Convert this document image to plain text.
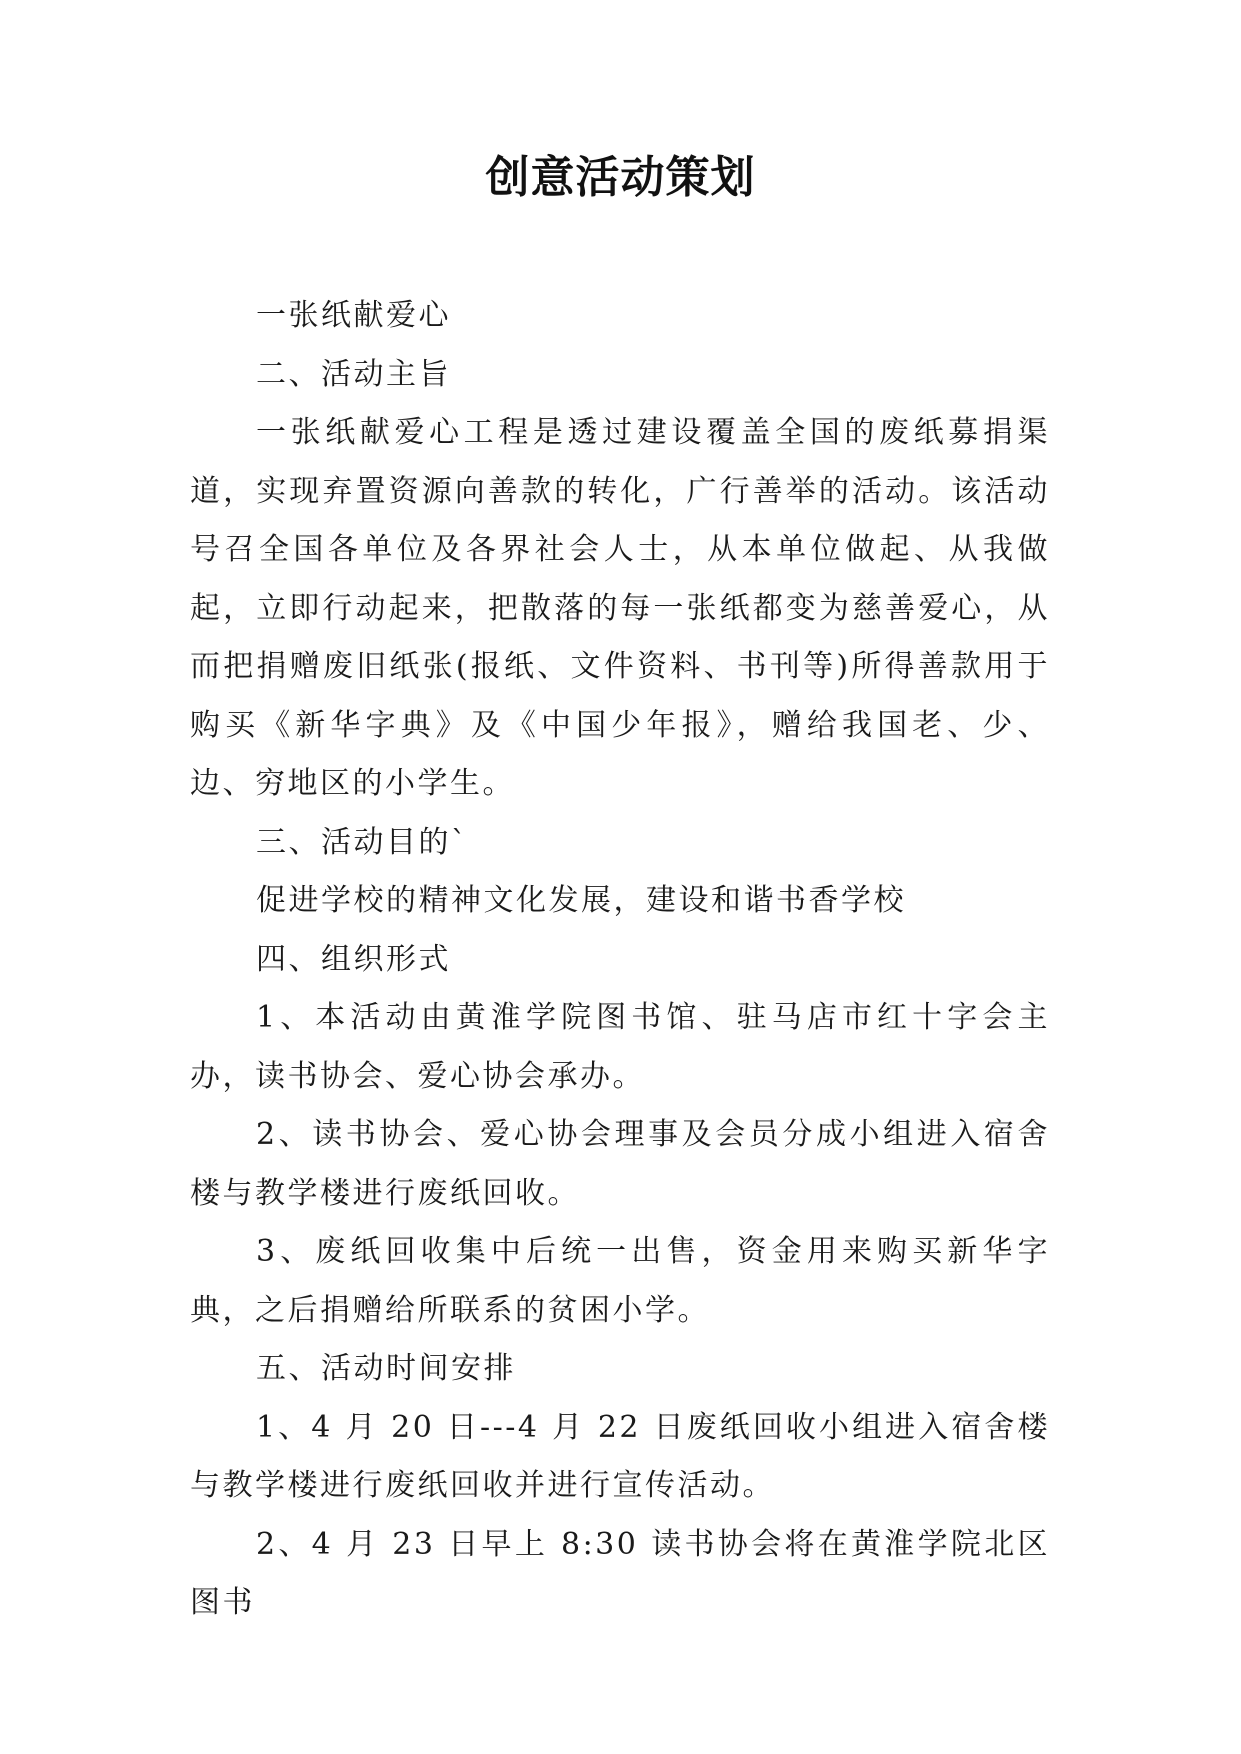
创意活动策划

一张纸献爱心

二、活动主旨

一张纸献爱心工程是透过建设覆盖全国的废纸募捐渠道，实现弃置资源向善款的转化，广行善举的活动。该活动号召全国各单位及各界社会人士，从本单位做起、从我做起，立即行动起来，把散落的每一张纸都变为慈善爱心，从而把捐赠废旧纸张(报纸、文件资料、书刊等)所得善款用于购买《新华字典》及《中国少年报》，赠给我国老、少、边、穷地区的小学生。

三、活动目的`

促进学校的精神文化发展，建设和谐书香学校

四、组织形式

1、本活动由黄淮学院图书馆、驻马店市红十字会主办，读书协会、爱心协会承办。

2、读书协会、爱心协会理事及会员分成小组进入宿舍楼与教学楼进行废纸回收。

3、废纸回收集中后统一出售，资金用来购买新华字典，之后捐赠给所联系的贫困小学。

五、活动时间安排

1、4 月 20 日---4 月 22 日废纸回收小组进入宿舍楼与教学楼进行废纸回收并进行宣传活动。

2、4 月 23 日早上 8:30 读书协会将在黄淮学院北区图书
